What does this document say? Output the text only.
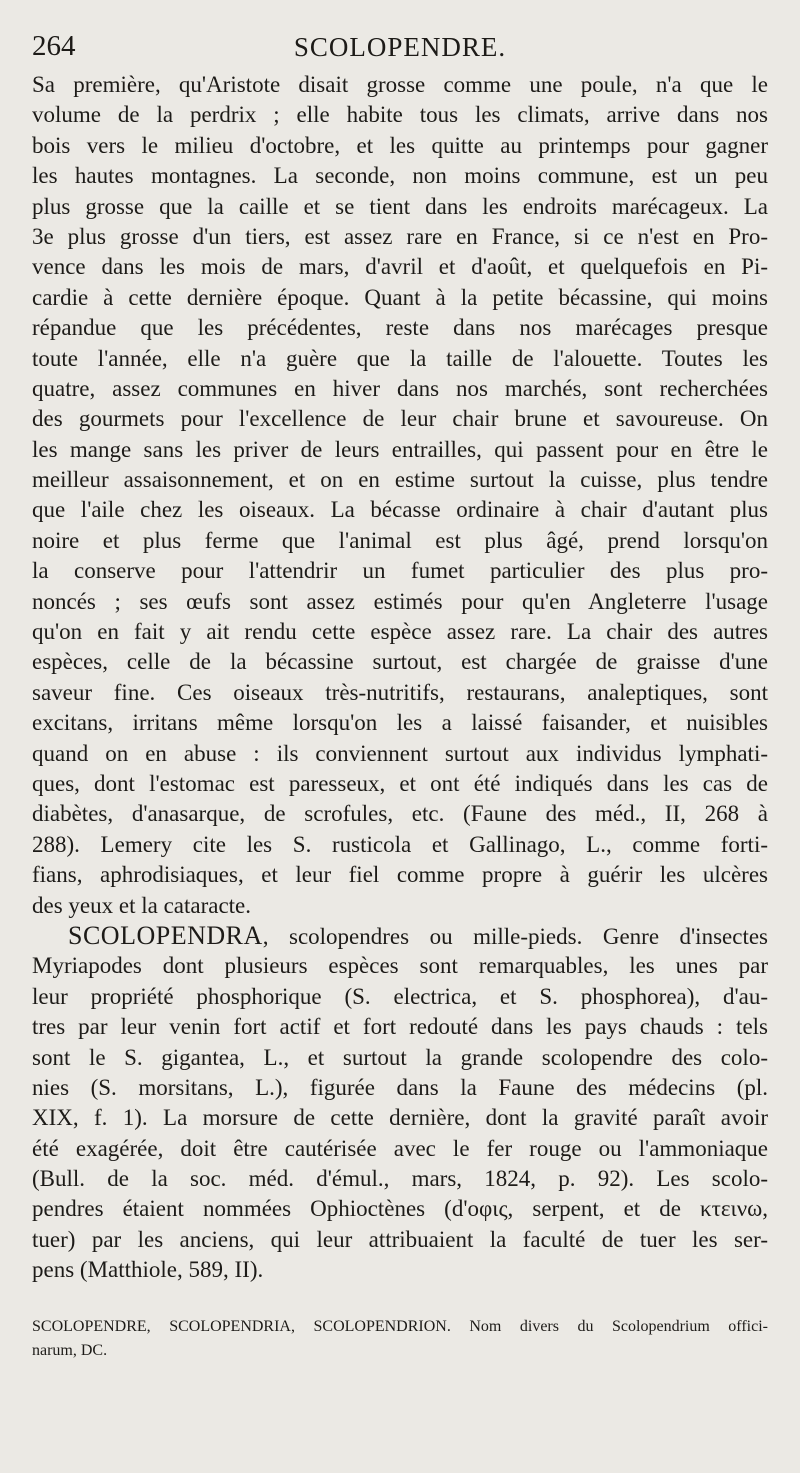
264	SCOLOPENDRE.
Sa première, qu'Aristote disait grosse comme une poule, n'a que le
volume de la perdrix ; elle habite tous les climats, arrive dans nos
bois vers le milieu d'octobre, et les quitte au printemps pour gagner
les hautes montagnes. La seconde, non moins commune, est un peu
plus grosse que la caille et se tient dans les endroits marécageux. La
3e plus grosse d'un tiers, est assez rare en France, si ce n'est en Pro-
vence dans les mois de mars, d'avril et d'août, et quelquefois en Pi-
cardie à cette dernière époque. Quant à la petite bécassine, qui moins
répandue que les précédentes, reste dans nos marécages presque
toute l'année, elle n'a guère que la taille de l'alouette. Toutes les
quatre, assez communes en hiver dans nos marchés, sont recherchées
des gourmets pour l'excellence de leur chair brune et savoureuse. On
les mange sans les priver de leurs entrailles, qui passent pour en être le
meilleur assaisonnement, et on en estime surtout la cuisse, plus tendre
que l'aile chez les oiseaux. La bécasse ordinaire à chair d'autant plus
noire et plus ferme que l'animal est plus âgé, prend lorsqu'on
la conserve pour l'attendrir un fumet particulier des plus pro-
noncés ; ses œufs sont assez estimés pour qu'en Angleterre l'usage
qu'on en fait y ait rendu cette espèce assez rare. La chair des autres
espèces, celle de la bécassine surtout, est chargée de graisse d'une
saveur fine. Ces oiseaux très-nutritifs, restaurans, analeptiques, sont
excitans, irritans même lorsqu'on les a laissé faisander, et nuisibles
quand on en abuse : ils conviennent surtout aux individus lymphati-
ques, dont l'estomac est paresseux, et ont été indiqués dans les cas de
diabètes, d'anasarque, de scrofules, etc. (Faune des méd., II, 268 à
288). Lemery cite les S. rusticola et Gallinago, L., comme forti-
fians, aphrodisiaques, et leur fiel comme propre à guérir les ulcères
des yeux et la cataracte.
SCOLOPENDRA, scolopendres ou mille-pieds. Genre d'insectes
Myriapodes dont plusieurs espèces sont remarquables, les unes par
leur propriété phosphorique (S. electrica, et S. phosphorea), d'au-
tres par leur venin fort actif et fort redouté dans les pays chauds : tels
sont le S. gigantea, L., et surtout la grande scolopendre des colo-
nies (S. morsitans, L.), figurée dans la Faune des médecins (pl.
XIX, f. 1). La morsure de cette dernière, dont la gravité paraît avoir
été exagérée, doit être cautérisée avec le fer rouge ou l'ammoniaque
(Bull. de la soc. méd. d'émul., mars, 1824, p. 92). Les scolo-
pendres étaient nommées Ophioctènes (d'οφις, serpent, et de κτεινω,
tuer) par les anciens, qui leur attribuaient la faculté de tuer les ser-
pens (Matthiole, 589, II).
SCOLOPENDRE, SCOLOPENDRIA, SCOLOPENDRION. Nom divers du Scolopendrium offici-
narum, DC.
